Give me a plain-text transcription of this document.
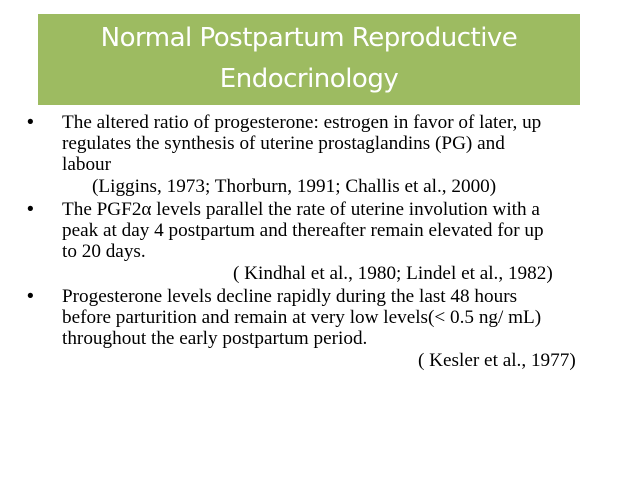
Normal Postpartum Reproductive
Endocrinology
• The altered ratio of progesterone: estrogen in favor of later, up
regulates the synthesis of uterine prostaglandins (PG) and
labour
(Liggins, 1973; Thorburn, 1991; Challis et al., 2000)
• The PGF2α levels parallel the rate of uterine involution with a
peak at day 4 postpartum and thereafter remain elevated for up
to 20 days.
( Kindhal et al., 1980; Lindel et al., 1982)
• Progesterone levels decline rapidly during the last 48 hours
before parturition and remain at very low levels(< 0.5 ng/ mL)
throughout the early postpartum period.
( Kesler et al., 1977)
